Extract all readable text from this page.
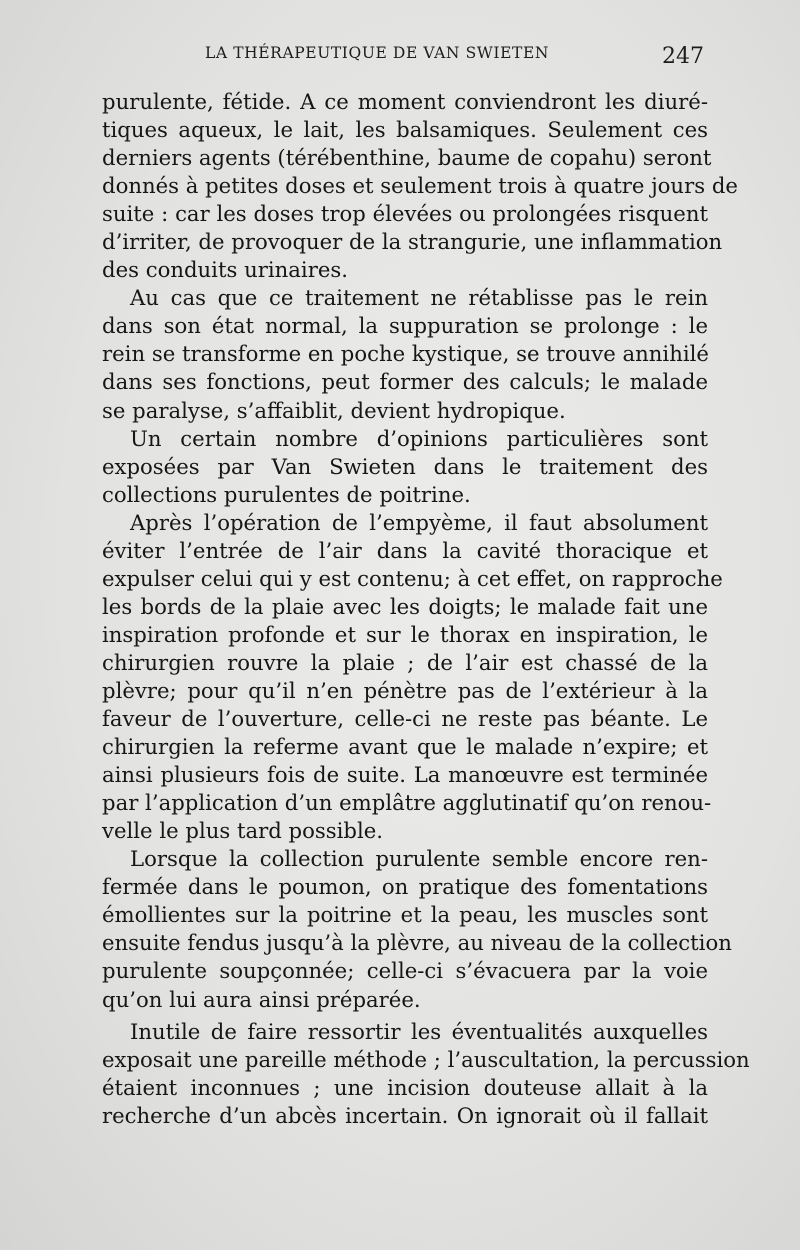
LA THÉRAPEUTIQUE DE VAN SWIETEN	247
purulente, fétide. A ce moment conviendront les diuré-
tiques aqueux, le lait, les balsamiques. Seulement ces
derniers agents (térébenthine, baume de copahu) seront
donnés à petites doses et seulement trois à quatre jours de
suite : car les doses trop élevées ou prolongées risquent
d’irriter, de provoquer de la strangurie, une inflammation
des conduits urinaires.
Au cas que ce traitement ne rétablisse pas le rein
dans son état normal, la suppuration se prolonge : le
rein se transforme en poche kystique, se trouve annihilé
dans ses fonctions, peut former des calculs; le malade
se paralyse, s’affaiblit, devient hydropique.
Un certain nombre d’opinions particulières sont
exposées par Van Swieten dans le traitement des
collections purulentes de poitrine.
Après l’opération de l’empyème, il faut absolument
éviter l’entrée de l’air dans la cavité thoracique et
expulser celui qui y est contenu; à cet effet, on rapproche
les bords de la plaie avec les doigts; le malade fait une
inspiration profonde et sur le thorax en inspiration, le
chirurgien rouvre la plaie ; de l’air est chassé de la
plèvre; pour qu’il n’en pénètre pas de l’extérieur à la
faveur de l’ouverture, celle-ci ne reste pas béante. Le
chirurgien la referme avant que le malade n’expire; et
ainsi plusieurs fois de suite. La manœuvre est terminée
par l’application d’un emplâtre agglutinatif qu’on renou-
velle le plus tard possible.
Lorsque la collection purulente semble encore ren-
fermée dans le poumon, on pratique des fomentations
émollientes sur la poitrine et la peau, les muscles sont
ensuite fendus jusqu’à la plèvre, au niveau de la collection
purulente soupçonnée; celle-ci s’évacuera par la voie
qu’on lui aura ainsi préparée.
Inutile de faire ressortir les éventualités auxquelles
exposait une pareille méthode ; l’auscultation, la percussion
étaient inconnues ; une incision douteuse allait à la
recherche d’un abcès incertain. On ignorait où il fallait
